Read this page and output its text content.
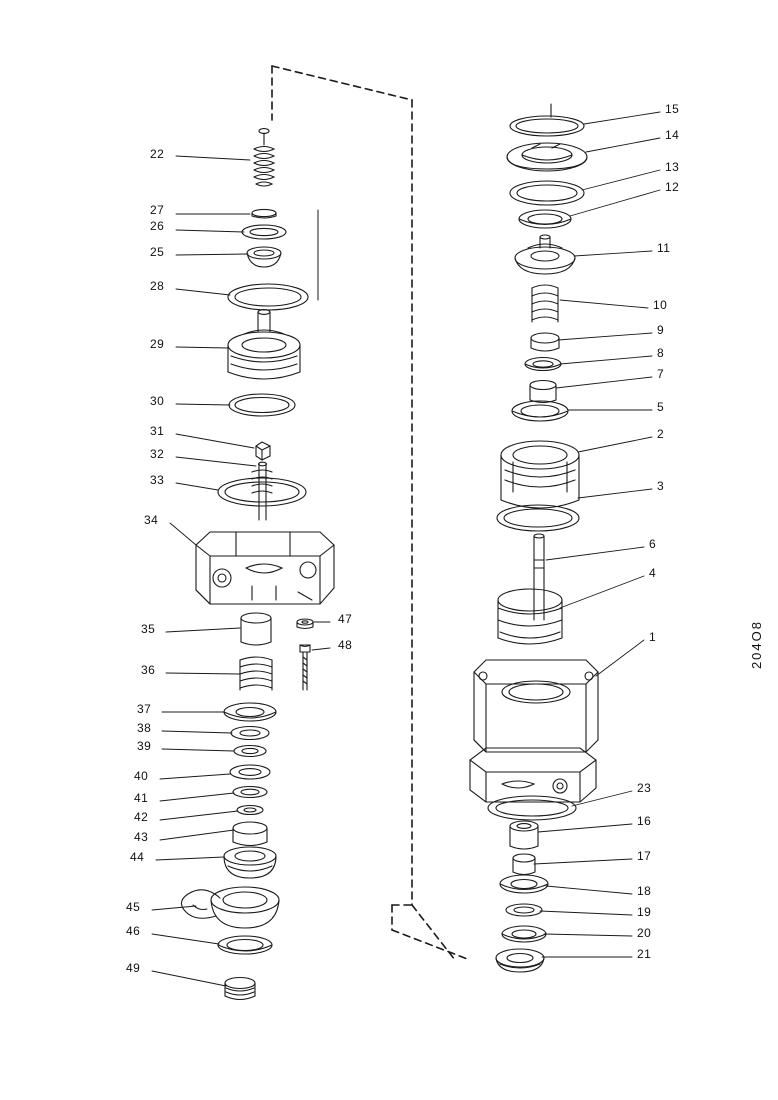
22
27
26
25
28
29
30
31
32
33
34
35
36
37
38
39
40
41
42
43
44
45
46
49
47
48
15
14
13
12
11
10
9
8
7
5
2
3
6
4
1
23
16
17
18
19
20
21
204O8
